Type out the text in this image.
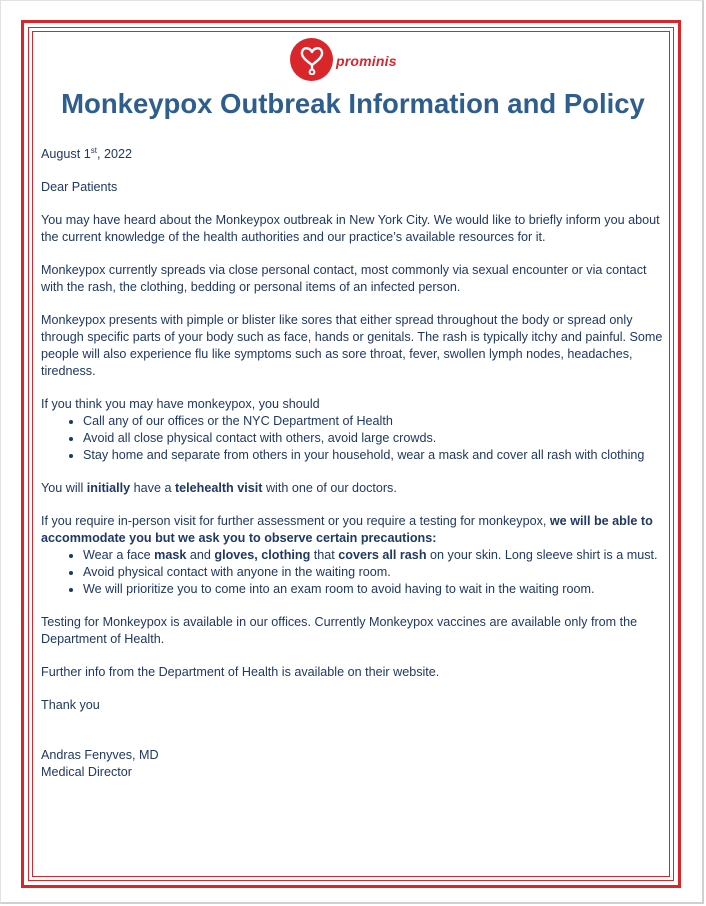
prominis
Monkeypox Outbreak Information and Policy

August 1st, 2022

Dear Patients

You may have heard about the Monkeypox outbreak in New York City. We would like to briefly inform you about the current knowledge of the health authorities and our practice’s available resources for it.

Monkeypox currently spreads via close personal contact, most commonly via sexual encounter or via contact with the rash, the clothing, bedding or personal items of an infected person.

Monkeypox presents with pimple or blister like sores that either spread throughout the body or spread only through specific parts of your body such as face, hands or genitals. The rash is typically itchy and painful. Some people will also experience flu like symptoms such as sore throat, fever, swollen lymph nodes, headaches, tiredness.

If you think you may have monkeypox, you should
• Call any of our offices or the NYC Department of Health
• Avoid all close physical contact with others, avoid large crowds.
• Stay home and separate from others in your household, wear a mask and cover all rash with clothing

You will initially have a telehealth visit with one of our doctors.

If you require in-person visit for further assessment or you require a testing for monkeypox, we will be able to accommodate you but we ask you to observe certain precautions:
• Wear a face mask and gloves, clothing that covers all rash on your skin. Long sleeve shirt is a must.
• Avoid physical contact with anyone in the waiting room.
• We will prioritize you to come into an exam room to avoid having to wait in the waiting room.

Testing for Monkeypox is available in our offices. Currently Monkeypox vaccines are available only from the Department of Health.

Further info from the Department of Health is available on their website.

Thank you

Andras Fenyves, MD
Medical Director
